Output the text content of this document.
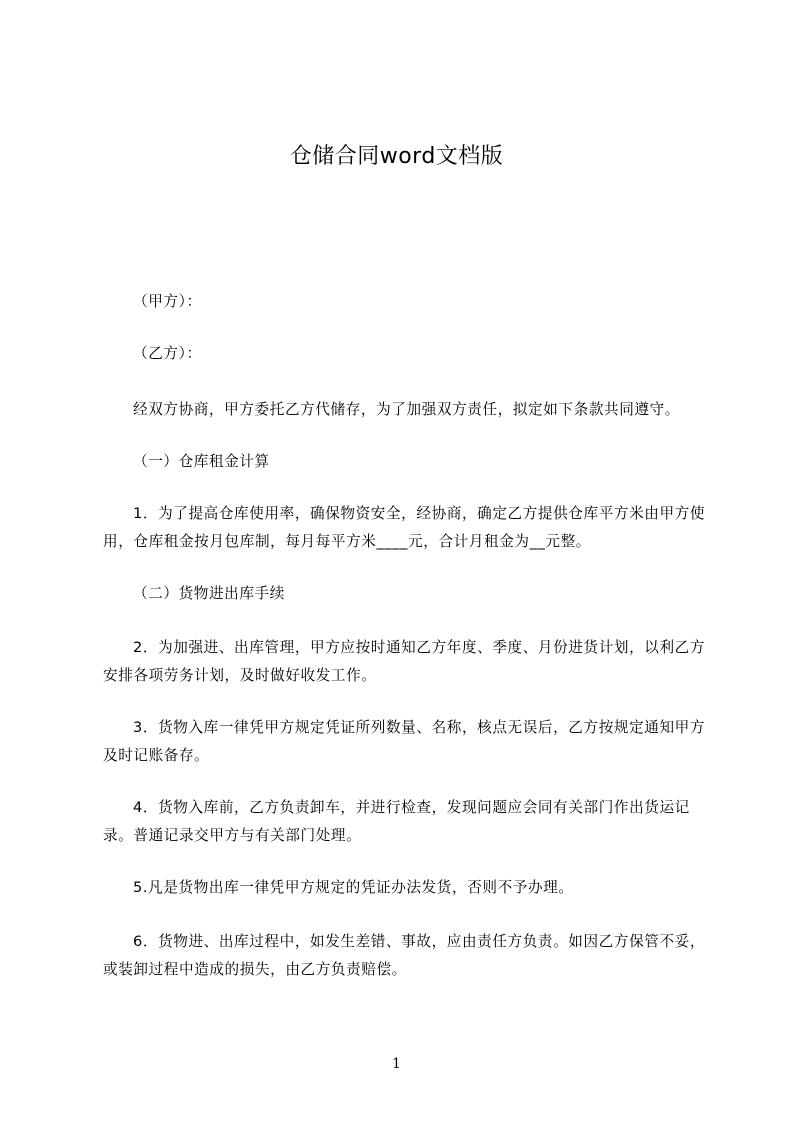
仓储合同word文档版
（甲方）：
（乙方）：
经双方协商，甲方委托乙方代储存，为了加强双方责任，拟定如下条款共同遵守。
（一）仓库租金计算
1．为了提高仓库使用率，确保物资安全，经协商，确定乙方提供仓库平方米由甲方使用，仓库租金按月包库制，每月每平方米____元，合计月租金为__元整。
（二）货物进出库手续
2．为加强进、出库管理，甲方应按时通知乙方年度、季度、月份进货计划，以利乙方安排各项劳务计划，及时做好收发工作。
3．货物入库一律凭甲方规定凭证所列数量、名称，核点无误后，乙方按规定通知甲方及时记账备存。
4．货物入库前，乙方负责卸车，并进行检查，发现问题应会同有关部门作出货运记录。普通记录交甲方与有关部门处理。
5.凡是货物出库一律凭甲方规定的凭证办法发货，否则不予办理。
6．货物进、出库过程中，如发生差错、事故，应由责任方负责。如因乙方保管不妥，或装卸过程中造成的损失，由乙方负责赔偿。
1
